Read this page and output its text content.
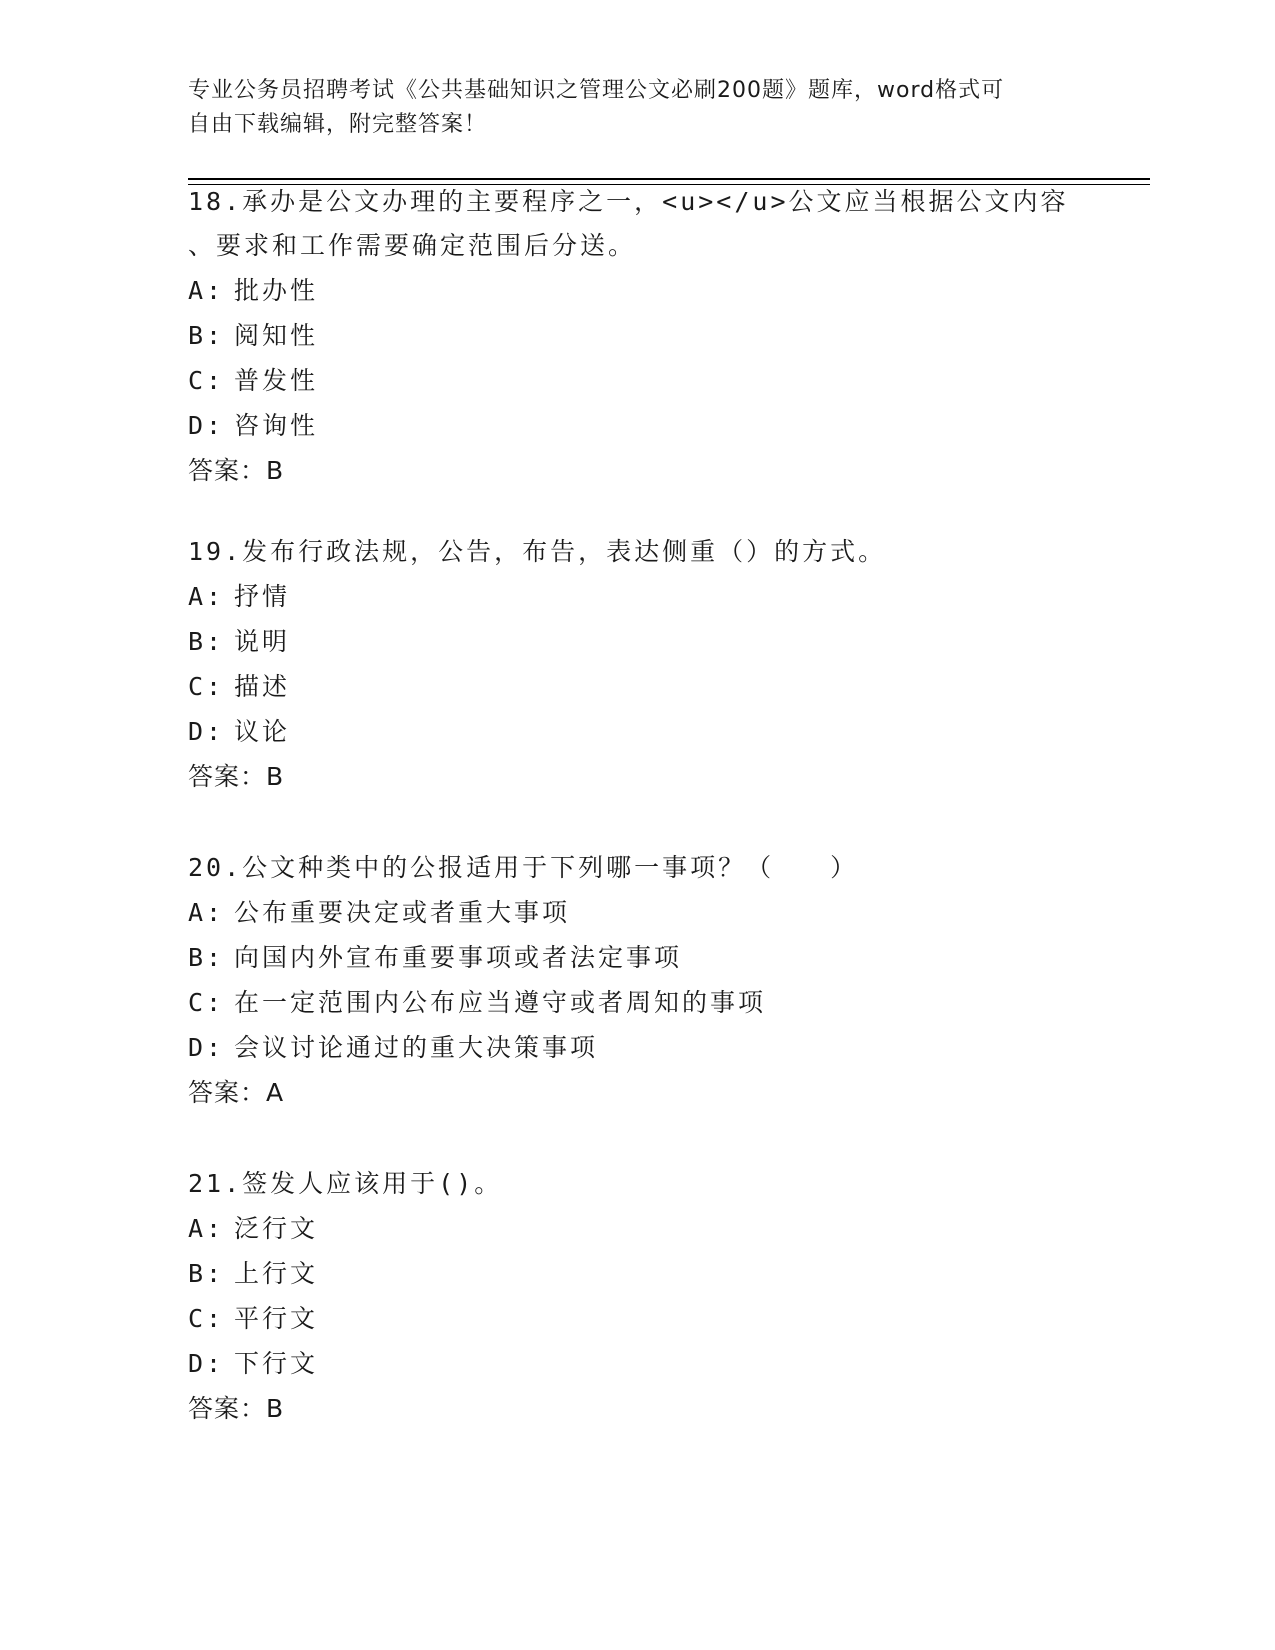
专业公务员招聘考试《公共基础知识之管理公文必刷200题》题库，word格式可
自由下载编辑，附完整答案！

18.承办是公文办理的主要程序之一，<u></u>公文应当根据公文内容

、要求和工作需要确定范围后分送。

A: 批办性
B: 阅知性
C: 普发性
D: 咨询性

答案：B

19.发布行政法规，公告，布告，表达侧重（）的方式。

A: 抒情
B: 说明
C: 描述
D: 议论

答案：B

20.公文种类中的公报适用于下列哪一事项？（　　）

A: 公布重要决定或者重大事项
B: 向国内外宣布重要事项或者法定事项
C: 在一定范围内公布应当遵守或者周知的事项
D: 会议讨论通过的重大决策事项

答案：A

21.签发人应该用于()。

A: 泛行文
B: 上行文
C: 平行文
D: 下行文

答案：B
